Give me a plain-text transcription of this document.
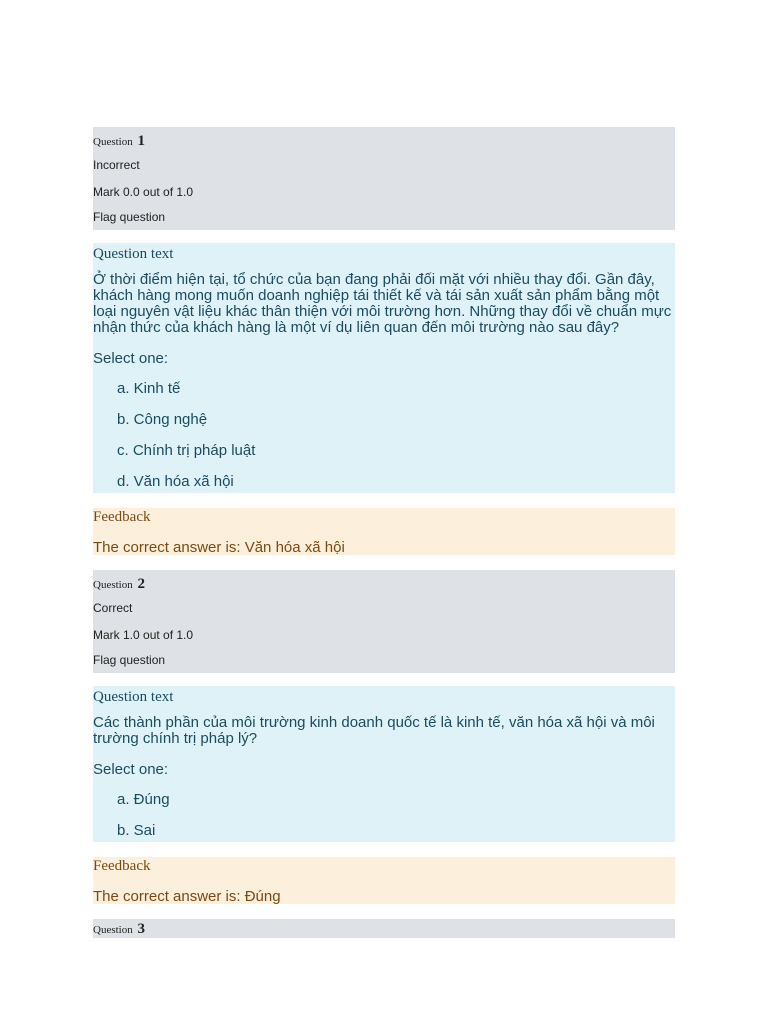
Question 1
Incorrect
Mark 0.0 out of 1.0
Flag question
Question text
Ở thời điểm hiện tại, tổ chức của bạn đang phải đối mặt với nhiều thay đổi. Gần đây, khách hàng mong muốn doanh nghiệp tái thiết kế và tái sản xuất sản phẩm bằng một loại nguyên vật liệu khác thân thiện với môi trường hơn. Những thay đổi về chuẩn mực nhận thức của khách hàng là một ví dụ liên quan đến môi trường nào sau đây?
Select one:
a. Kinh tế
b. Công nghệ
c. Chính trị pháp luật
d. Văn hóa xã hội
Feedback
The correct answer is: Văn hóa xã hội
Question 2
Correct
Mark 1.0 out of 1.0
Flag question
Question text
Các thành phần của môi trường kinh doanh quốc tế là kinh tế, văn hóa xã hội và môi trường chính trị pháp lý?
Select one:
a. Đúng
b. Sai
Feedback
The correct answer is: Đúng
Question 3
